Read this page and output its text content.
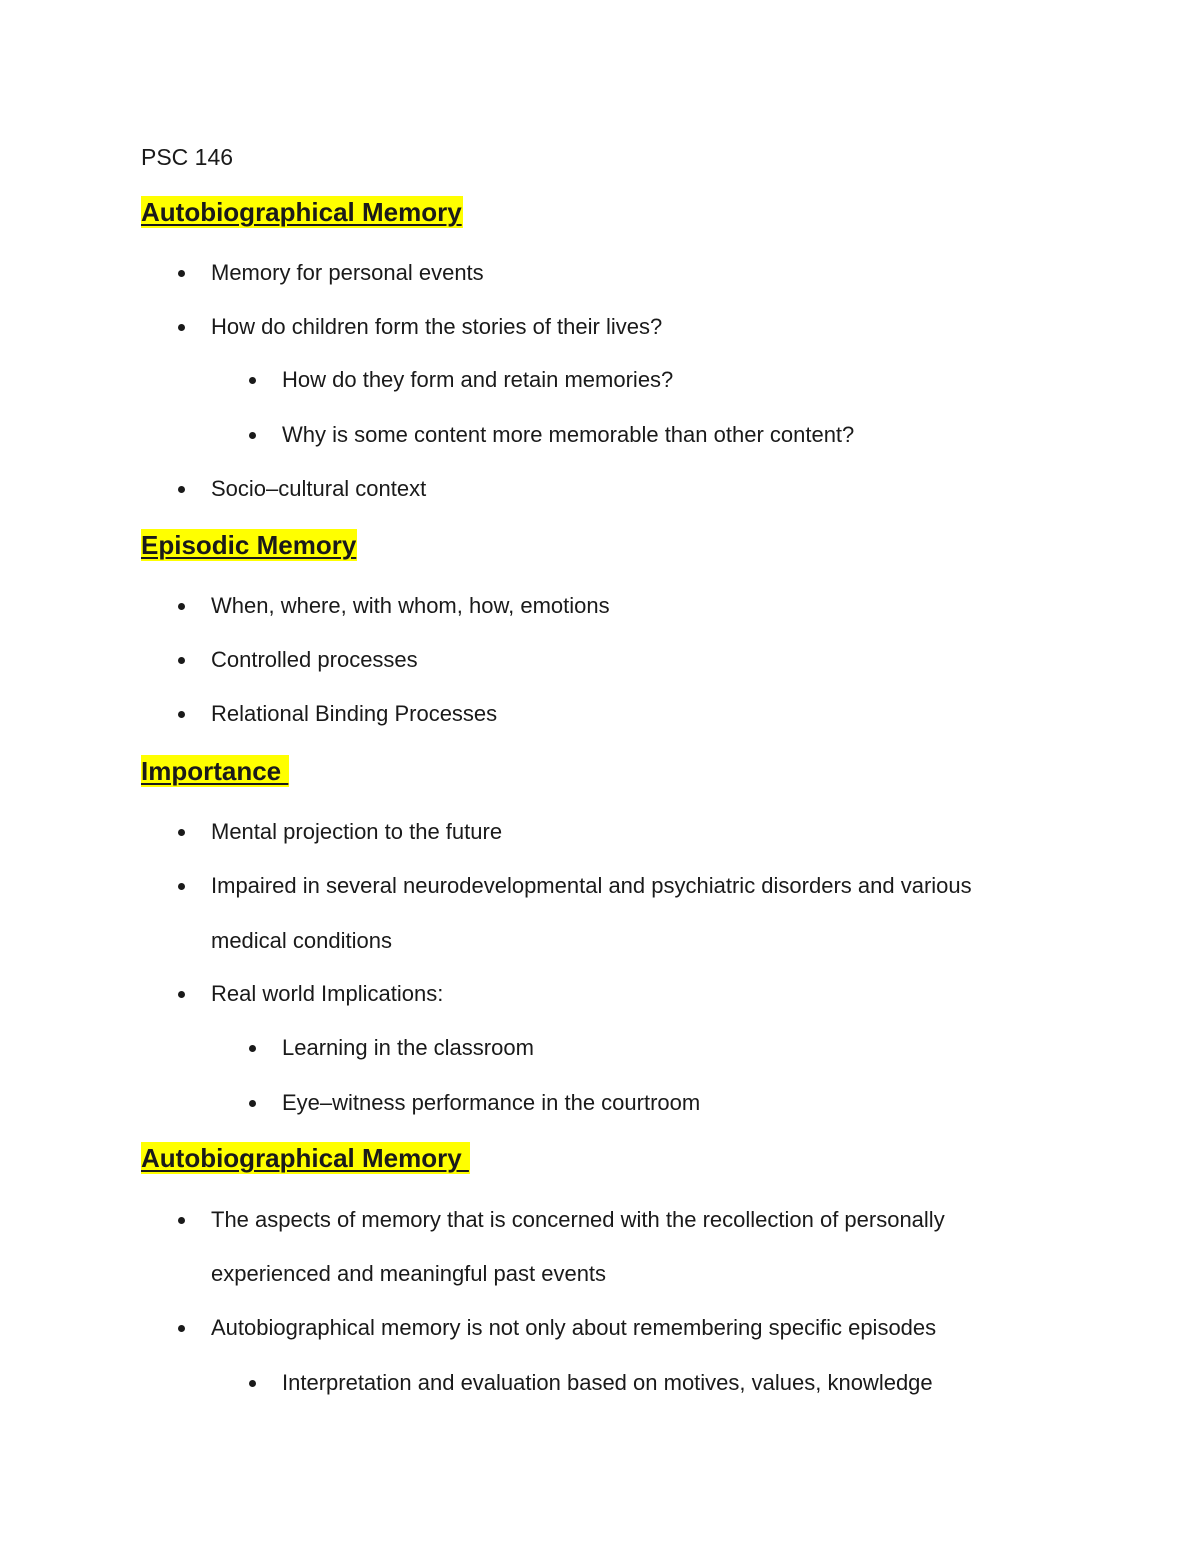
PSC 146

Autobiographical Memory
Memory for personal events
How do children form the stories of their lives?
How do they form and retain memories?
Why is some content more memorable than other content?
Socio–cultural context
Episodic Memory
When, where, with whom, how, emotions
Controlled processes
Relational Binding Processes
Importance
Mental projection to the future
Impaired in several neurodevelopmental and psychiatric disorders and various

medical conditions

Real world Implications:
Learning in the classroom
Eye–witness performance in the courtroom
Autobiographical Memory
The aspects of memory that is concerned with the recollection of personally

experienced and meaningful past events

Autobiographical memory is not only about remembering specific episodes
Interpretation and evaluation based on motives, values, knowledge
